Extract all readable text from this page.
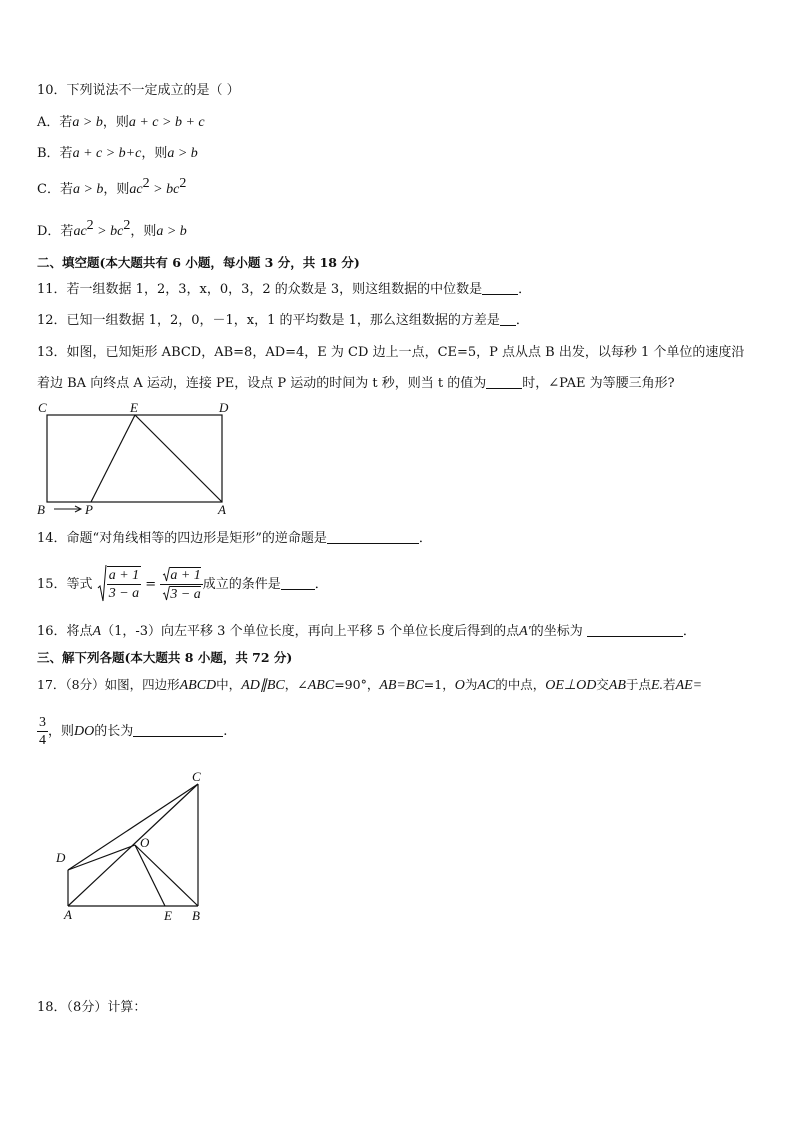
10．下列说法不一定成立的是（ ）
A．若a > b，则a + c > b + c
B．若a + c > b+c，则a > b
C．若a > b，则$ac^2 > bc^2$
D．若$ac^2 > bc^2$，则a > b
二、填空题(本大题共有 6 小题，每小题 3 分，共 18 分)
11．若一组数据 1，2，3，x，0，3，2 的众数是 3，则这组数据的中位数是	．
12．已知一组数据 1，2，0，－1，x，1 的平均数是 1，那么这组数据的方差是 ．
13．如图，已知矩形 ABCD，AB=8，AD=4，E 为 CD 边上一点，CE=5，P 点从点 B 出发，以每秒 1 个单位的速度沿
着边 BA 向终点 A 运动，连接 PE，设点 P 运动的时间为 t 秒，则当 t 的值为	时，∠PAE 为等腰三角形?
C	E	D
B	P	A
14．命题“对角线相等的四边形是矩形”的逆命题是	．
15．等式 $\frac{a + 1}{3 - a} = \frac{a + 1}{3 - a}$ 成立的条件是	．
16．将点A（1，-3）向左平移 3 个单位长度，再向上平移 5 个单位长度后得到的点A′的坐标为	．
三、解下列各题(本大题共 8 小题，共 72 分)
17．（8分）如图，四边形ABCD中，AD∥BC，∠ABC=90°，AB=BC=1，O为AC的中点，OE⊥OD交AB于点E.若AE=
$\frac{3}{4}$ ，则DO的长为	.
C
D
O
A	E B
18．（8分）计算：
